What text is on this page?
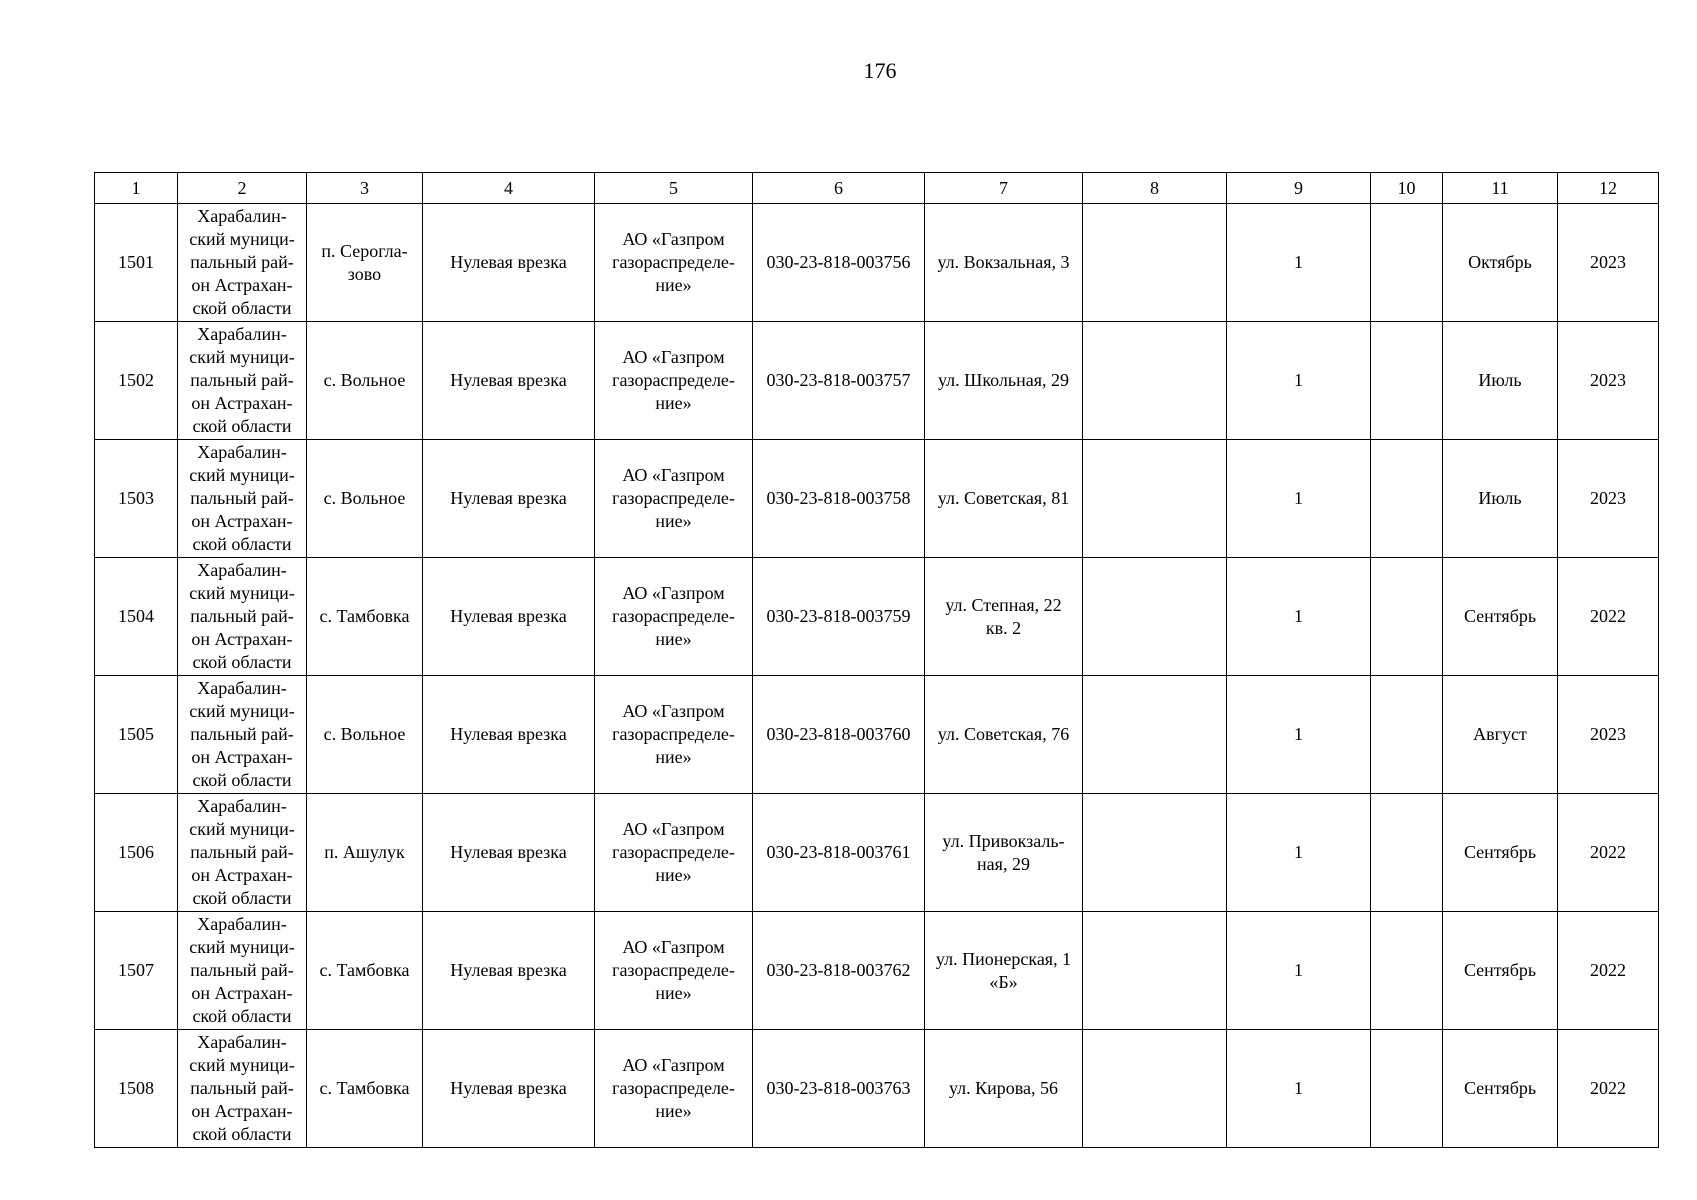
176
1	2	3	4	5	6	7	8	9	10	11	12

1501	Харабалин-
ский муници-
пальный рай-
он Астрахан-
ской области	п. Серогла-
зово	Нулевая врезка	АО «Газпром
газораспределе-
ние»	030-23-818-003756	ул. Вокзальная, 3		1		Октябрь	2023

1502	Харабалин-
ский муници-
пальный рай-
он Астрахан-
ской области	с. Вольное	Нулевая врезка	АО «Газпром
газораспределе-
ние»	030-23-818-003757	ул. Школьная, 29		1		Июль	2023

1503	Харабалин-
ский муници-
пальный рай-
он Астрахан-
ской области	с. Вольное	Нулевая врезка	АО «Газпром
газораспределе-
ние»	030-23-818-003758	ул. Советская, 81		1		Июль	2023

1504	Харабалин-
ский муници-
пальный рай-
он Астрахан-
ской области	с. Тамбовка	Нулевая врезка	АО «Газпром
газораспределе-
ние»	030-23-818-003759	ул. Степная, 22
кв. 2		1		Сентябрь	2022

1505	Харабалин-
ский муници-
пальный рай-
он Астрахан-
ской области	с. Вольное	Нулевая врезка	АО «Газпром
газораспределе-
ние»	030-23-818-003760	ул. Советская, 76		1		Август	2023

1506	Харабалин-
ский муници-
пальный рай-
он Астрахан-
ской области	п. Ашулук	Нулевая врезка	АО «Газпром
газораспределе-
ние»	030-23-818-003761	ул. Привокзаль-
ная, 29		1		Сентябрь	2022

1507	Харабалин-
ский муници-
пальный рай-
он Астрахан-
ской области	с. Тамбовка	Нулевая врезка	АО «Газпром
газораспределе-
ние»	030-23-818-003762	ул. Пионерская, 1
«Б»		1		Сентябрь	2022

1508	Харабалин-
ский муници-
пальный рай-
он Астрахан-
ской области	с. Тамбовка	Нулевая врезка	АО «Газпром
газораспределе-
ние»	030-23-818-003763	ул. Кирова, 56		1		Сентябрь	2022
